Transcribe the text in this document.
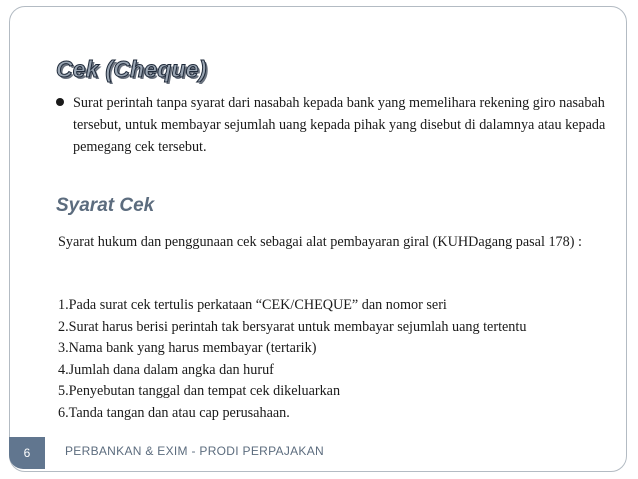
Cek (Cheque)
Surat perintah tanpa syarat dari nasabah kepada bank yang memelihara rekening giro nasabah tersebut, untuk membayar sejumlah uang kepada pihak yang disebut di dalamnya atau kepada pemegang cek tersebut.
Syarat Cek

Syarat hukum dan penggunaan cek sebagai alat pembayaran giral (KUHDagang pasal 178) :

1.Pada surat cek tertulis perkataan “CEK/CHEQUE” dan nomor seri
2.Surat harus berisi perintah tak bersyarat untuk membayar sejumlah uang tertentu
3.Nama bank yang harus membayar (tertarik)
4.Jumlah dana dalam angka dan huruf
5.Penyebutan tanggal dan tempat cek dikeluarkan
6.Tanda tangan dan atau cap perusahaan.
6	PERBANKAN & EXIM - PRODI PERPAJAKAN
